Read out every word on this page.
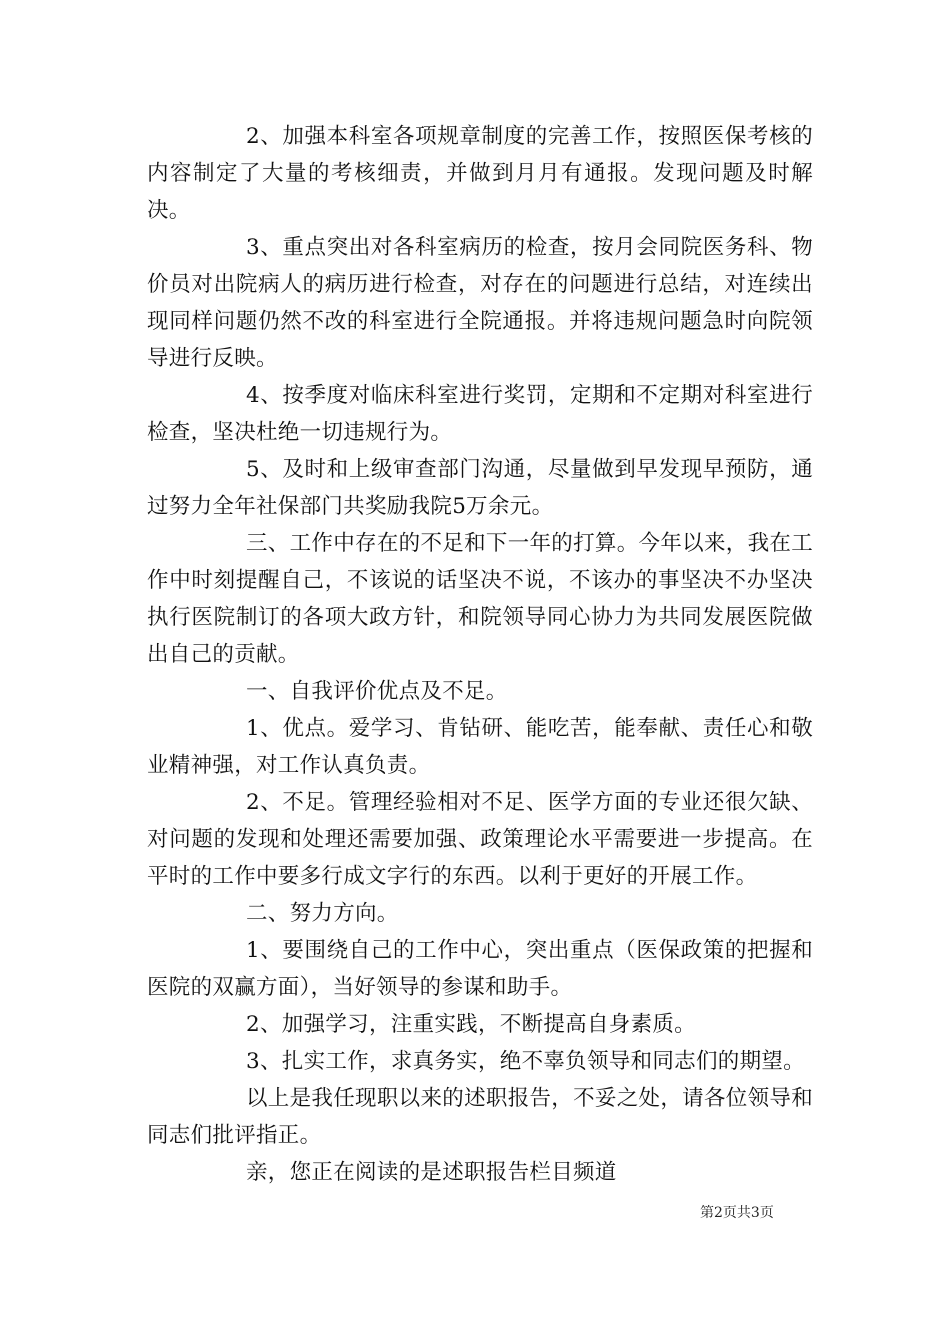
2、加强本科室各项规章制度的完善工作，按照医保考核的内容制定了大量的考核细责，并做到月月有通报。发现问题及时解决。

3、重点突出对各科室病历的检查，按月会同院医务科、物价员对出院病人的病历进行检查，对存在的问题进行总结，对连续出现同样问题仍然不改的科室进行全院通报。并将违规问题急时向院领导进行反映。

4、按季度对临床科室进行奖罚，定期和不定期对科室进行检查，坚决杜绝一切违规行为。

5、及时和上级审查部门沟通，尽量做到早发现早预防，通过努力全年社保部门共奖励我院5万余元。

三、工作中存在的不足和下一年的打算。今年以来，我在工作中时刻提醒自己，不该说的话坚决不说，不该办的事坚决不办坚决执行医院制订的各项大政方针，和院领导同心协力为共同发展医院做出自己的贡献。

一、自我评价优点及不足。

1、优点。爱学习、肯钻研、能吃苦，能奉献、责任心和敬业精神强，对工作认真负责。

2、不足。管理经验相对不足、医学方面的专业还很欠缺、对问题的发现和处理还需要加强、政策理论水平需要进一步提高。在平时的工作中要多行成文字行的东西。以利于更好的开展工作。

二、努力方向。

1、要围绕自己的工作中心，突出重点（医保政策的把握和医院的双赢方面），当好领导的参谋和助手。

2、加强学习，注重实践，不断提高自身素质。

3、扎实工作，求真务实，绝不辜负领导和同志们的期望。

以上是我任现职以来的述职报告，不妥之处，请各位领导和同志们批评指正。

亲，您正在阅读的是述职报告栏目频道

第2页共3页
